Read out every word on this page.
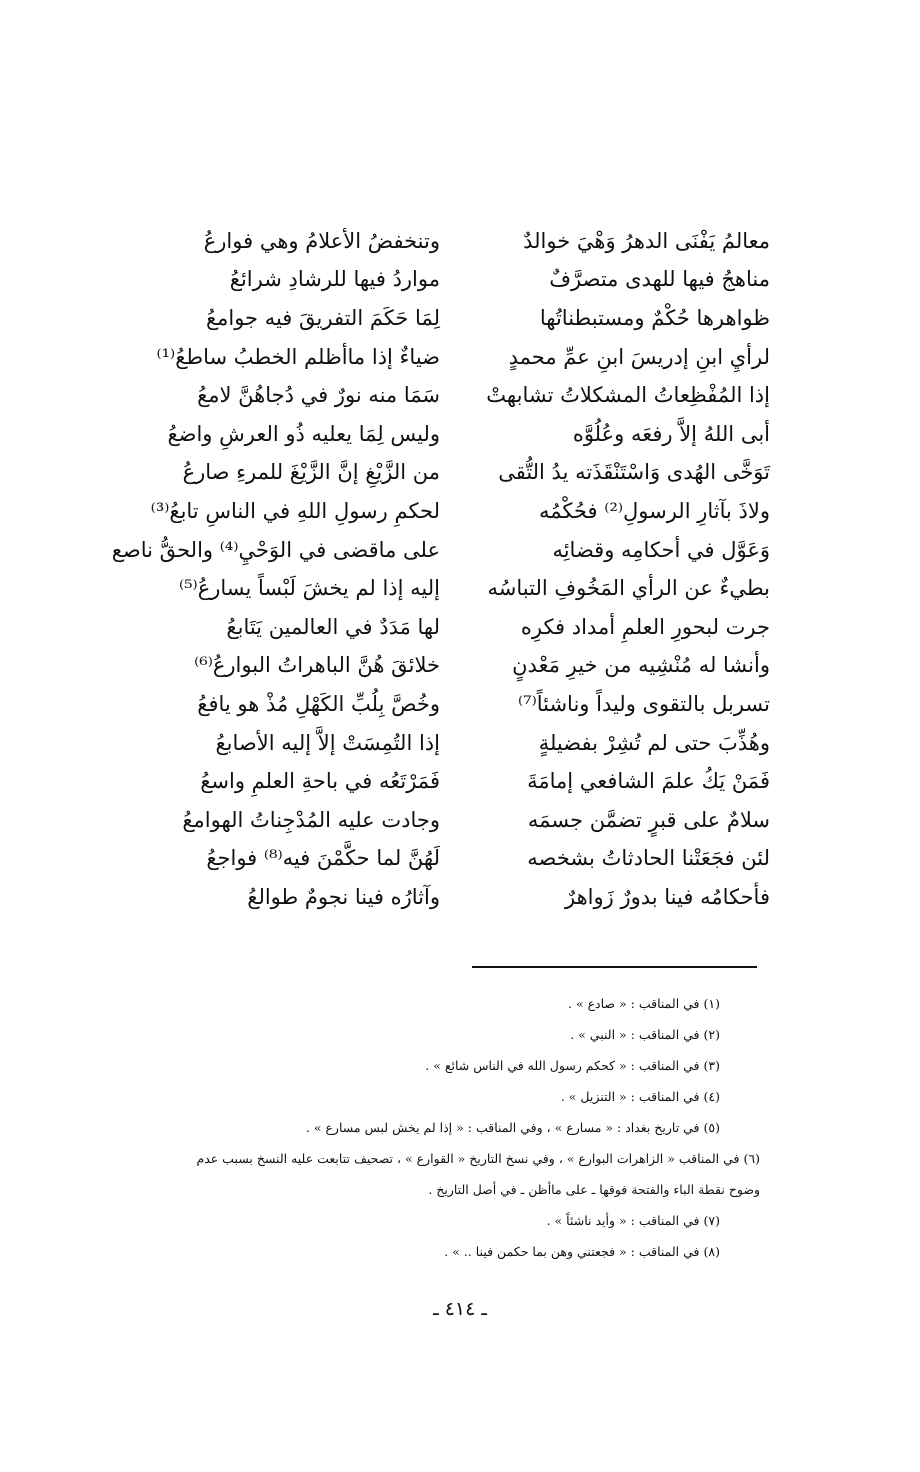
معالمُ يَفْنَى الدهرُ وَهْيَ خوالدٌ
وتنخفضُ الأعلامُ وهي فوارعُ
مناهجُ فيها للهدى متصرَّفٌ
مواردُ فيها للرشادِ شرائعُ
ظواهرها حُكْمٌ ومستبطناتُها
لِمَا حَكَمَ التفريقَ فيه جوامعُ
لرأيِ ابنِ إدريسَ ابنِ عمِّ محمدٍ
ضياءٌ إذا ماأظلم الخطبُ ساطعُ⁽¹⁾
إذا المُفْظِعاتُ المشكلاتُ تشابهتْ
سَمَا منه نورٌ في دُجاهُنَّ لامعُ
أبى اللهُ إلاَّ رفعَه وعُلُوَّه
وليس لِمَا يعليه ذُو العرشِ واضعُ
تَوَخَّى الهُدى وَاسْتَنْقَذَته يدُ التُّقى
من الزَّيْغِ إنَّ الزَّيْغَ للمرءِ صارعُ
ولاذَ بآثارِ الرسولِ⁽²⁾ فحُكْمُه
لحكمِ رسولِ اللهِ في الناسِ تابعُ⁽³⁾
وَعَوَّل في أحكامِه وقضائِه
على ماقضى في الوَحْيِ⁽⁴⁾ والحقُّ ناصع
بطيءٌ عن الرأي المَخُوفِ التباسُه
إليه إذا لم يخشَ لَبْساً يسارعُ⁽⁵⁾
جرت لبحورِ العلمِ أمداد فكرِه
لها مَدَدٌ في العالمين يَتَابعُ
وأنشا له مُنْشِيه من خيرِ مَعْدنٍ
خلائقَ هُنَّ الباهراتُ البوارعُ⁽⁶⁾
تسربل بالتقوى وليداً وناشئاً⁽⁷⁾
وخُصَّ بِلُبِّ الكَهْلِ مُذْ هو يافعُ
وهُذِّبَ حتى لم تُشِرْ بفضيلةٍ
إذا التُمِسَتْ إلاَّ إليه الأصابعُ
فَمَنْ يَكُ علمَ الشافعي إمامَةَ
فَمَرْتَعُه في باحةِ العلمِ واسعُ
سلامٌ على قبرٍ تضمَّن جسمَه
وجادت عليه المُدْجِناتُ الهوامعُ
لئن فجَعَتْنا الحادثاتُ بشخصه
لَهُنَّ لما حكَّمْنَ فيه⁽⁸⁾ فواجعُ
فأحكامُه فينا بدورٌ زَواهرٌ
وآثارُه فينا نجومٌ طوالعُ
(١) في المناقب : « صادع » .
(٢) في المناقب : « النبي » .
(٣) في المناقب : « كحكم رسول الله في الناس شائع » .
(٤) في المناقب : « التنزيل » .
(٥) في تاريخ بغداد : « مسارع » ، وفي المناقب : « إذا لم يخش لبس مسارع » .
(٦) في المناقب « الزاهرات البوارع » ، وفي نسخ التاريخ « القوارع » ، تصحيف تتابعت عليه النسخ بسبب عدم
وضوح نقطة الباء والفتحة فوقها ـ على ماأظن ـ في أصل التاريخ .
(٧) في المناقب : « وأيد ناشئاً » .
(٨) في المناقب : « فجعتني وهن بما حكمن فينا .. » .
ـ ٤١٤ ـ
